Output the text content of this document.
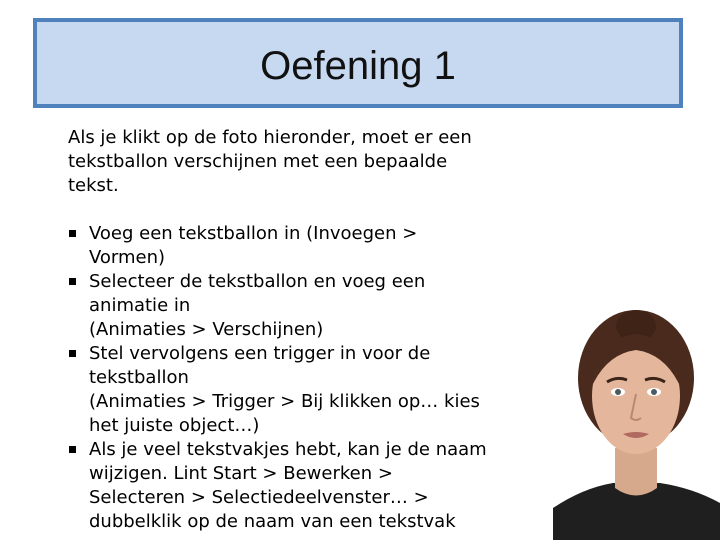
Oefening 1
Als je klikt op de foto hieronder, moet er een tekstballon verschijnen met een bepaalde tekst.
Voeg een tekstballon in (Invoegen > Vormen)
Selecteer de tekstballon en voeg een animatie in
(Animaties > Verschijnen)
Stel vervolgens een trigger in voor de tekstballon
(Animaties > Trigger > Bij klikken op… kies het juiste object…)
Als je veel tekstvakjes hebt, kan je de naam wijzigen. Lint Start > Bewerken > Selecteren > Selectiedeelvenster… > dubbelklik op de naam van een tekstvak
